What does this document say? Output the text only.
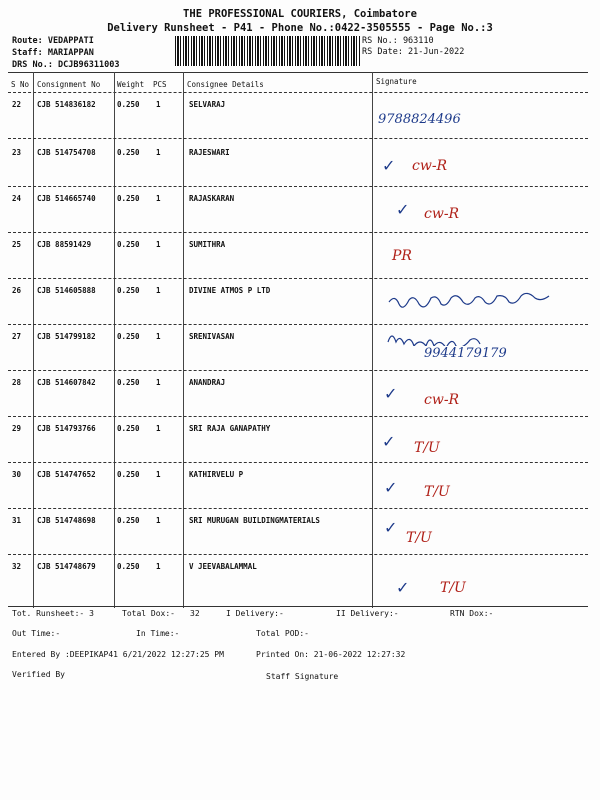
THE PROFESSIONAL COURIERS, Coimbatore
Delivery Runsheet - P41 - Phone No.:0422-3505555 - Page No.:3
Route: VEDAPPATI
Staff: MARIAPPAN
DRS No.: DCJB96311003
RS No.: 963110
RS Date: 21-Jun-2022
S No Consignment No Weight PCS	Consignee Details	Signature
22 CJB 514836182	0.250 1	SELVARAJ
9788824496
23 CJB 514754708	0.250 1	RAJESWARI
✓ cw-R
24 CJB 514665740	0.250 1	RAJASKARAN
✓ cw-R
25 CJB 88591429	0.250 1	SUMITHRA
PR
26 CJB 514605888	0.250 1	DIVINE ATMOS P LTD
27 CJB 514799182	0.250 1	SRENIVASAN
9944179179
28 CJB 514607842	0.250 1	ANANDRAJ
✓ cw-R
29 CJB 514793766	0.250 1	SRI RAJA GANAPATHY
✓ T/U
30 CJB 514747652	0.250 1	KATHIRVELU P
✓ T/U
31 CJB 514748698	0.250 1	SRI MURUGAN BUILDINGMATERIALS	✓
T/U
32 CJB 514748679	0.250 1	V JEEVABALAMMAL
✓ T/U
Tot. Runsheet:- 3	Total Dox:- 32	I Delivery:-	II Delivery:-	RTN Dox:-
Out Time:-	In Time:-	Total POD:-
Entered By :DEEPIKAP41 6/21/2022 12:27:25 PM	Printed On: 21-06-2022 12:27:32
Verified By	Staff Signature
